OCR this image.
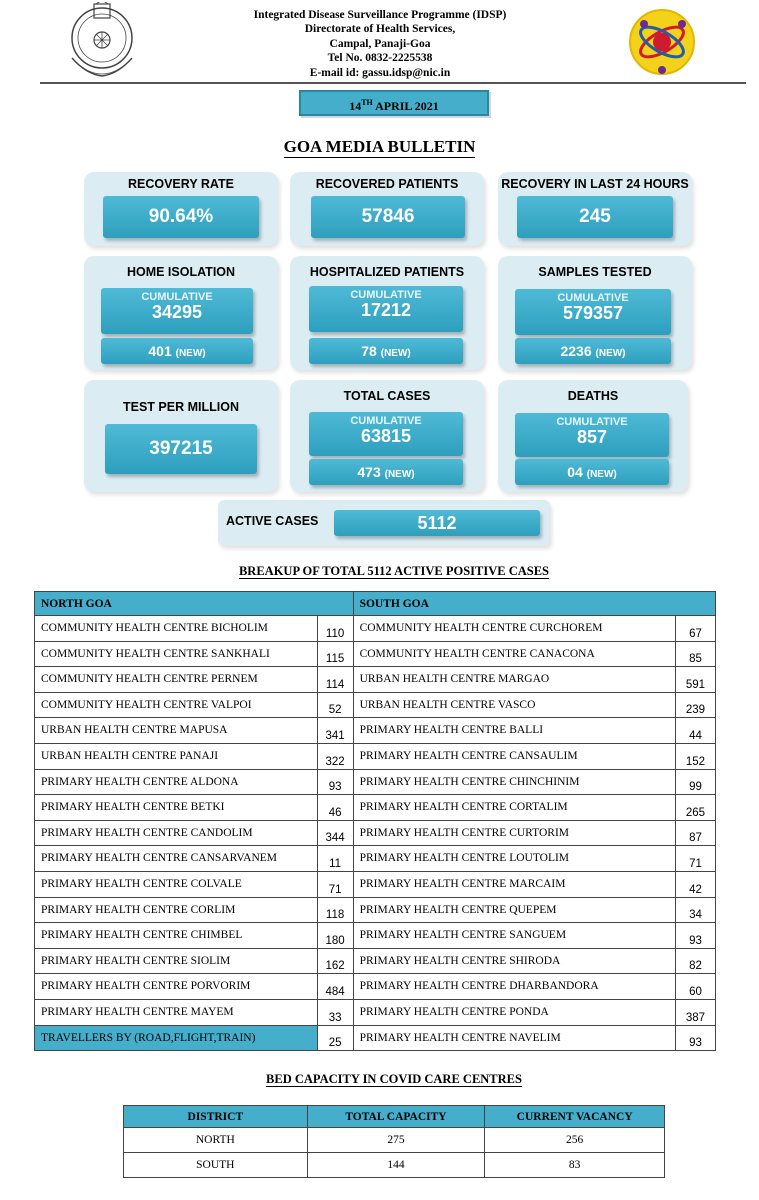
Integrated Disease Surveillance Programme (IDSP)
Directorate of Health Services,
Campal, Panaji-Goa
Tel No. 0832-2225538
E-mail id: gassu.idsp@nic.in
14TH APRIL 2021
GOA MEDIA BULLETIN
RECOVERY RATE
90.64%
RECOVERED PATIENTS
57846
RECOVERY IN LAST 24 HOURS
245
HOME ISOLATION
CUMULATIVE
34295
401 (NEW)
HOSPITALIZED PATIENTS
CUMULATIVE
17212
78 (NEW)
SAMPLES TESTED
CUMULATIVE
579357
2236 (NEW)
TEST PER MILLION
397215
TOTAL CASES
CUMULATIVE
63815
473 (NEW)
DEATHS
CUMULATIVE
857
04 (NEW)
ACTIVE CASES	5112
BREAKUP OF TOTAL 5112 ACTIVE POSITIVE CASES
NORTH GOA		SOUTH GOA	
COMMUNITY HEALTH CENTRE BICHOLIM	110	COMMUNITY HEALTH CENTRE CURCHOREM	67
COMMUNITY HEALTH CENTRE SANKHALI	115	COMMUNITY HEALTH CENTRE CANACONA	85
COMMUNITY HEALTH CENTRE PERNEM	114	URBAN HEALTH CENTRE MARGAO	591
COMMUNITY HEALTH CENTRE VALPOI	52	URBAN HEALTH CENTRE VASCO	239
URBAN HEALTH CENTRE MAPUSA	341	PRIMARY HEALTH CENTRE BALLI	44
URBAN HEALTH CENTRE PANAJI	322	PRIMARY HEALTH CENTRE CANSAULIM	152
PRIMARY HEALTH CENTRE ALDONA	93	PRIMARY HEALTH CENTRE CHINCHINIM	99
PRIMARY HEALTH CENTRE BETKI	46	PRIMARY HEALTH CENTRE CORTALIM	265
PRIMARY HEALTH CENTRE CANDOLIM	344	PRIMARY HEALTH CENTRE CURTORIM	87
PRIMARY HEALTH CENTRE CANSARVANEM	11	PRIMARY HEALTH CENTRE LOUTOLIM	71
PRIMARY HEALTH CENTRE COLVALE	71	PRIMARY HEALTH CENTRE MARCAIM	42
PRIMARY HEALTH CENTRE CORLIM	118	PRIMARY HEALTH CENTRE QUEPEM	34
PRIMARY HEALTH CENTRE CHIMBEL	180	PRIMARY HEALTH CENTRE SANGUEM	93
PRIMARY HEALTH CENTRE SIOLIM	162	PRIMARY HEALTH CENTRE SHIRODA	82
PRIMARY HEALTH CENTRE PORVORIM	484	PRIMARY HEALTH CENTRE DHARBANDORA	60
PRIMARY HEALTH CENTRE MAYEM	33	PRIMARY HEALTH CENTRE PONDA	387
TRAVELLERS BY (ROAD,FLIGHT,TRAIN)	25	PRIMARY HEALTH CENTRE NAVELIM	93
BED CAPACITY IN COVID CARE CENTRES
DISTRICT	TOTAL CAPACITY	CURRENT VACANCY
NORTH	275	256
SOUTH	144	83
